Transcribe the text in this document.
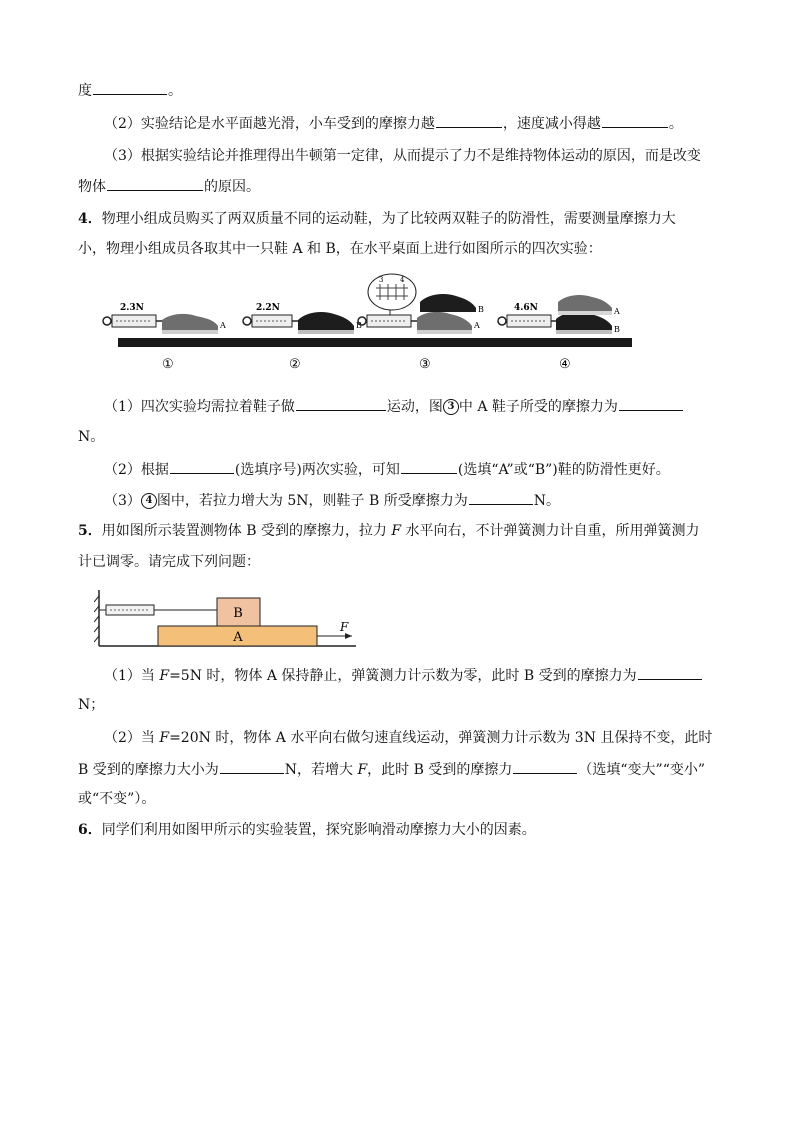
度	。
（2）实验结论是水平面越光滑，小车受到的摩擦力越	，速度减小得越	。
（3）根据实验结论并推理得出牛顿第一定律，从而提示了力不是维持物体运动的原因，而是改变
物体	的原因。
4．物理小组成员购买了两双质量不同的运动鞋，为了比较两双鞋子的防滑性，需要测量摩擦力大
小，物理小组成员各取其中一只鞋 A 和 B，在水平桌面上进行如图所示的四次实验：
2.3N
A
2.2N
B
3 4
A
B	4.6N	A
B
①	②	③	④
（1）四次实验均需拉着鞋子做	运动，图 3 中 A 鞋子所受的摩擦力为
N。
（2）根据	(选填序号)两次实验，可知	(选填“A”或“B”)鞋的防滑性更好。
（3） 4 图中，若拉力增大为 5N，则鞋子 B 所受摩擦力为	N。
5．用如图所示装置测物体 B 受到的摩擦力，拉力 F 水平向右，不计弹簧测力计自重，所用弹簧测力
计已调零。请完成下列问题：
B
A
F
（1）当 F=5N 时，物体 A 保持静止，弹簧测力计示数为零，此时 B 受到的摩擦力为
N；
（2）当 F=20N 时，物体 A 水平向右做匀速直线运动，弹簧测力计示数为 3N 且保持不变，此时
B 受到的摩擦力大小为	N，若增大 F，此时 B 受到的摩擦力	（选填“变大”“变小”
或“不变”）。
6．同学们利用如图甲所示的实验装置，探究影响滑动摩擦力大小的因素。
